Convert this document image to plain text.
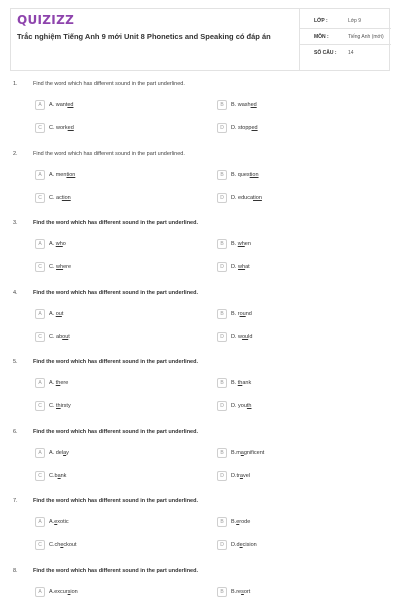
QUIZIZZ
Trắc nghiệm Tiếng Anh 9 mới Unit 8 Phonetics and Speaking có đáp án
LỚP :	Lớp 9
MÔN :	Tiếng Anh (mới)
SỐ CÂU : 14
1.	Find the word which has different sound in the part underlined.
A	A. wanted	B	B. washed
C	C. worked	D	D. stopped
2.	Find the word which has different sound in the part underlined.
A	A. mention	B	B. question
C	C. action	D	D. education
3.	Find the word which has different sound in the part underlined.
A	A. who	B	B. when
C	C. where	D	D. what
4.	Find the word which has different sound in the part underlined.
A	A. out	B	B. round
C	C. about	D	D. would
5.	Find the word which has different sound in the part underlined.
A	A. there	B	B. thank
C	C. thirsty	D	D. youth
6.	Find the word which has different sound in the part underlined.
A	A. delay	B	B.magnificent
C	C.bank	D	D.travel
7.	Find the word which has different sound in the part underlined.
A	A.exotic	B	B.erode
C	C.checkout	D	D.decision
8.	Find the word which has different sound in the part underlined.
A	A.excursion	B	B.resort
